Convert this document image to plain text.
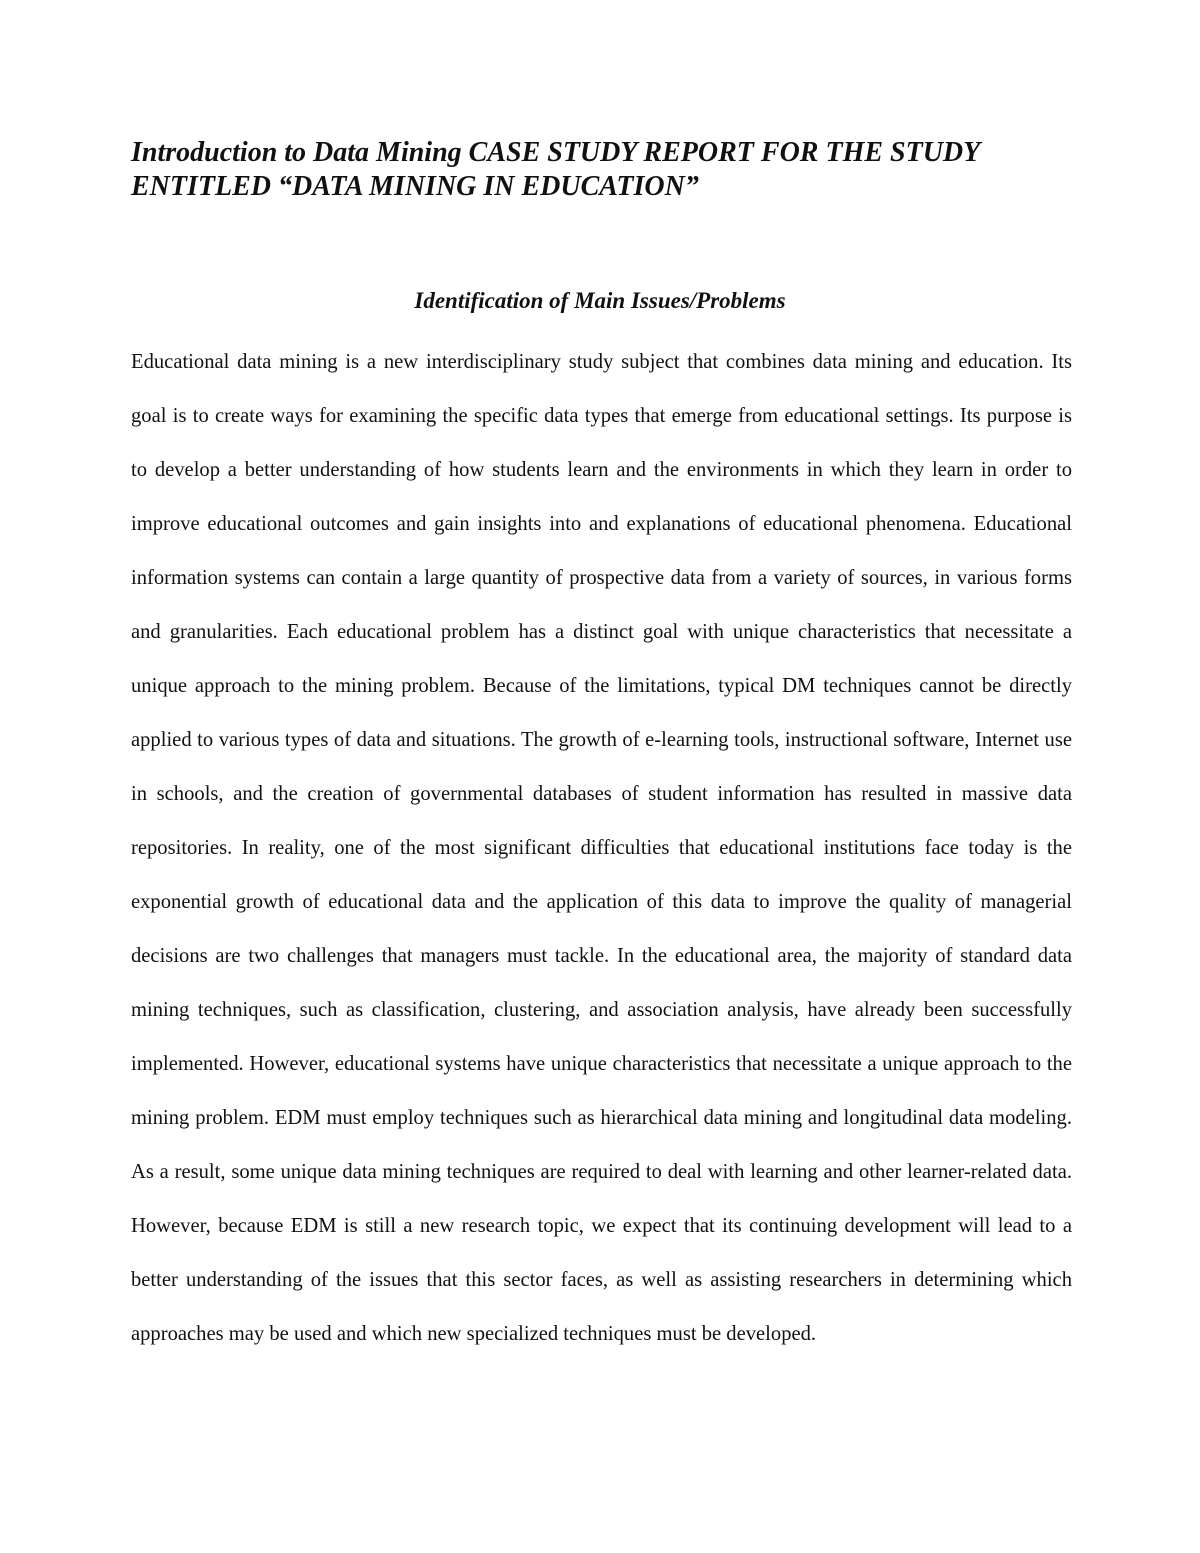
Introduction to Data Mining CASE STUDY REPORT FOR THE STUDY ENTITLED “DATA MINING IN EDUCATION”
Identification of Main Issues/Problems

Educational data mining is a new interdisciplinary study subject that combines data mining and education. Its goal is to create ways for examining the specific data types that emerge from educational settings. Its purpose is to develop a better understanding of how students learn and the environments in which they learn in order to improve educational outcomes and gain insights into and explanations of educational phenomena. Educational information systems can contain a large quantity of prospective data from a variety of sources, in various forms and granularities. Each educational problem has a distinct goal with unique characteristics that necessitate a unique approach to the mining problem. Because of the limitations, typical DM techniques cannot be directly applied to various types of data and situations. The growth of e-learning tools, instructional software, Internet use in schools, and the creation of governmental databases of student information has resulted in massive data repositories. In reality, one of the most significant difficulties that educational institutions face today is the exponential growth of educational data and the application of this data to improve the quality of managerial decisions are two challenges that managers must tackle. In the educational area, the majority of standard data mining techniques, such as classification, clustering, and association analysis, have already been successfully implemented. However, educational systems have unique characteristics that necessitate a unique approach to the mining problem. EDM must employ techniques such as hierarchical data mining and longitudinal data modeling. As a result, some unique data mining techniques are required to deal with learning and other learner-related data. However, because EDM is still a new research topic, we expect that its continuing development will lead to a better understanding of the issues that this sector faces, as well as assisting researchers in determining which approaches may be used and which new specialized techniques must be developed.
